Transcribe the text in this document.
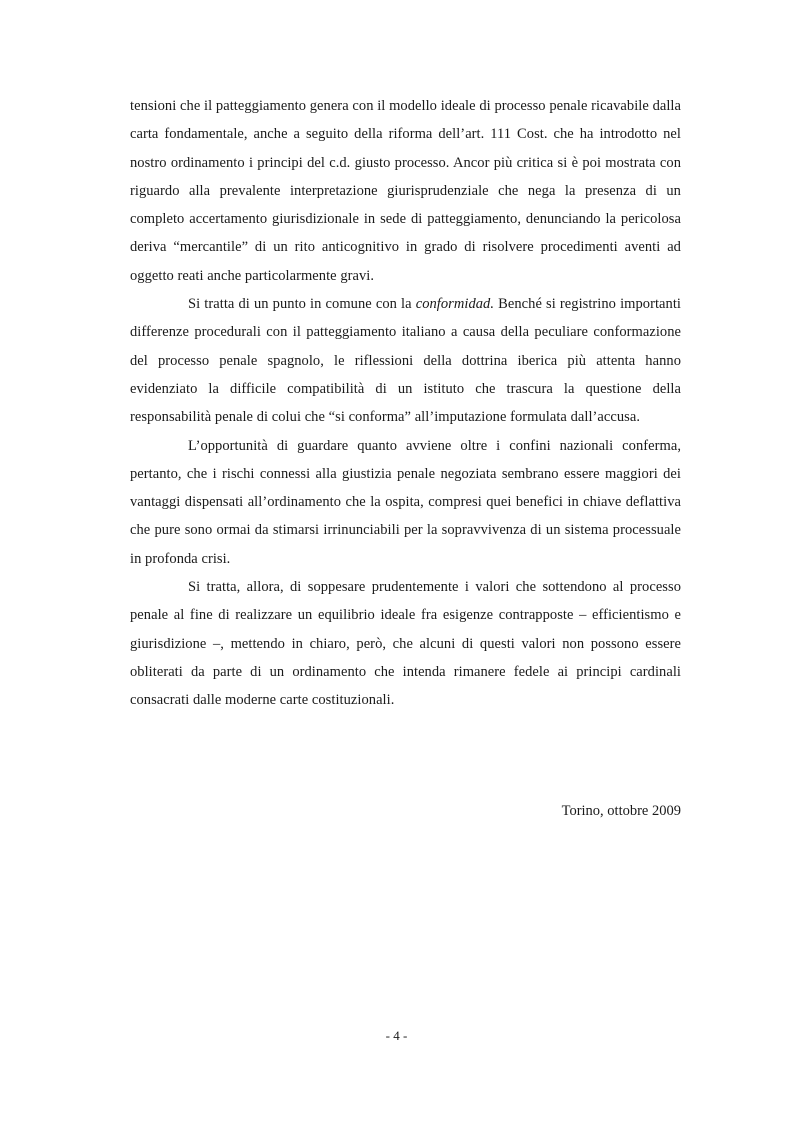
tensioni che il patteggiamento genera con il modello ideale di processo penale ricavabile dalla carta fondamentale, anche a seguito della riforma dell’art. 111 Cost. che ha introdotto nel nostro ordinamento i principi del c.d. giusto processo. Ancor più critica si è poi mostrata con riguardo alla prevalente interpretazione giurisprudenziale che nega la presenza di un completo accertamento giurisdizionale in sede di patteggiamento, denunciando la pericolosa deriva “mercantile” di un rito anticognitivo in grado di risolvere procedimenti aventi ad oggetto reati anche particolarmente gravi.

Si tratta di un punto in comune con la conformidad. Benché si registrino importanti differenze procedurali con il patteggiamento italiano a causa della peculiare conformazione del processo penale spagnolo, le riflessioni della dottrina iberica più attenta hanno evidenziato la difficile compatibilità di un istituto che trascura la questione della responsabilità penale di colui che “si conforma” all’imputazione formulata dall’accusa.

L’opportunità di guardare quanto avviene oltre i confini nazionali conferma, pertanto, che i rischi connessi alla giustizia penale negoziata sembrano essere maggiori dei vantaggi dispensati all’ordinamento che la ospita, compresi quei benefici in chiave deflattiva che pure sono ormai da stimarsi irrinunciabili per la sopravvivenza di un sistema processuale in profonda crisi.

Si tratta, allora, di soppesare prudentemente i valori che sottendono al processo penale al fine di realizzare un equilibrio ideale fra esigenze contrapposte – efficientismo e giurisdizione –, mettendo in chiaro, però, che alcuni di questi valori non possono essere obliterati da parte di un ordinamento che intenda rimanere fedele ai principi cardinali consacrati dalle moderne carte costituzionali.

Torino, ottobre 2009
- 4 -
